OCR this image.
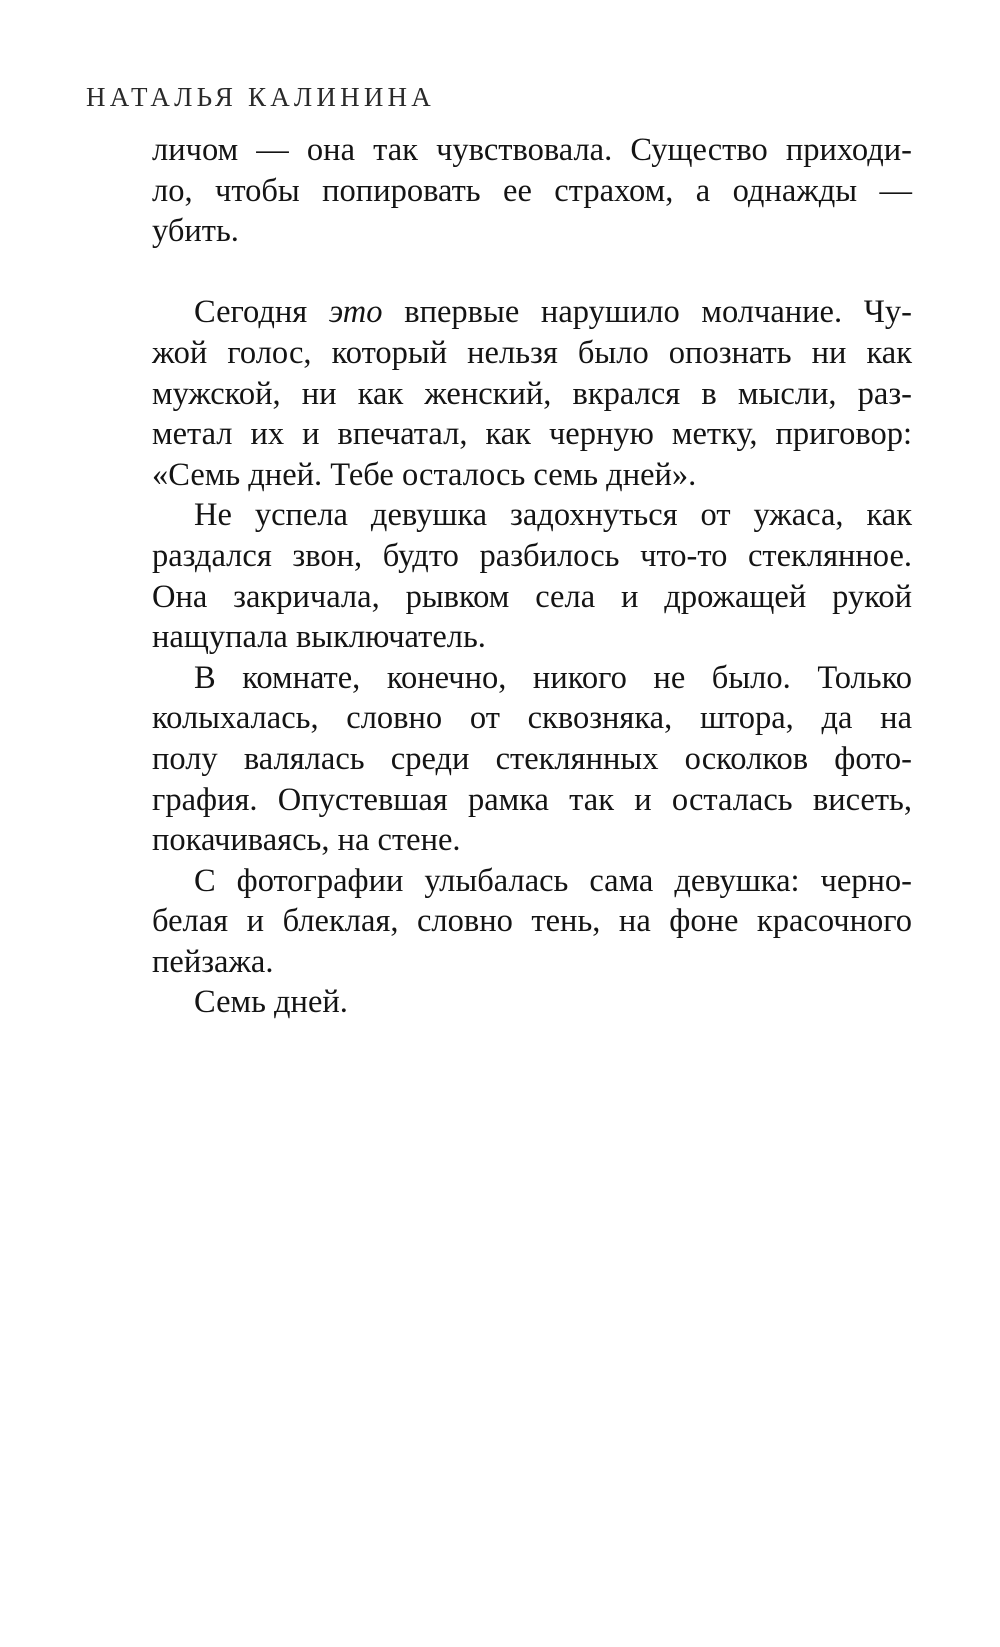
НАТАЛЬЯ КАЛИНИНА
личом — она так чувствовала. Существо приходи-
ло, чтобы попировать ее страхом, а однажды —
убить.
Сегодня это впервые нарушило молчание. Чу-
жой голос, который нельзя было опознать ни как
мужской, ни как женский, вкрался в мысли, раз-
метал их и впечатал, как черную метку, приговор:
«Семь дней. Тебе осталось семь дней».
Не успела девушка задохнуться от ужаса, как
раздался звон, будто разбилось что-то стеклянное.
Она закричала, рывком села и дрожащей рукой
нащупала выключатель.
В комнате, конечно, никого не было. Только
колыхалась, словно от сквозняка, штора, да на
полу валялась среди стеклянных осколков фото-
графия. Опустевшая рамка так и осталась висеть,
покачиваясь, на стене.
С фотографии улыбалась сама девушка: черно-
белая и блеклая, словно тень, на фоне красочного
пейзажа.
Семь дней.
